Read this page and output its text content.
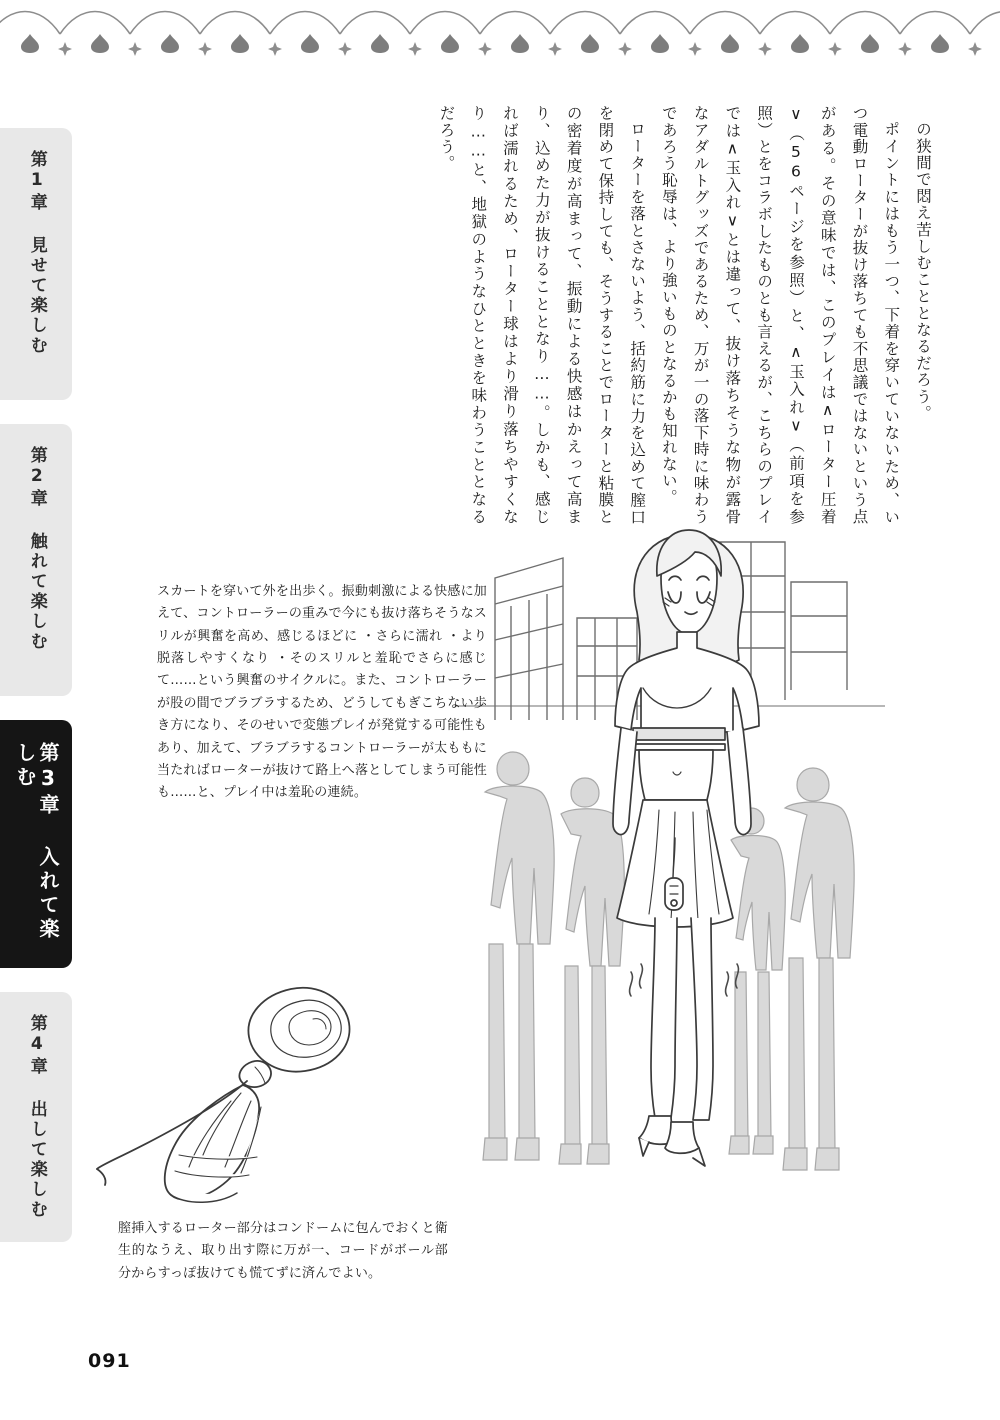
第1章 見せて楽しむ
第2章 触れて楽しむ
第3章 入れて楽しむ
第4章 出して楽しむ

の狭間で悶え苦しむこととなるだろう。

ポイントにはもう一つ、下着を穿いていないため、いつ電動ローターが抜け落ちても不思議ではないという点がある。その意味では、このプレイは∧ローター圧着∨（56ページを参照）と、∧玉入れ∨（前項を参照）とをコラボしたものとも言えるが、こちらのプレイでは∧玉入れ∨とは違って、抜け落ちそうな物が露骨なアダルトグッズであるため、万が一の落下時に味わうであろう恥辱は、より強いものとなるかも知れない。

ローターを落とさないよう、括約筋に力を込めて膣口を閉めて保持しても、そうすることでローターと粘膜との密着度が高まって、振動による快感はかえって高まり、込めた力が抜けることとなり……。しかも、感じれば濡れるため、ローター球はより滑り落ちやすくなり……と、地獄のようなひとときを味わうこととなるだろう。

スカートを穿いて外を出歩く。振動刺激による快感に加えて、コントローラーの重みで今にも抜け落ちそうなスリルが興奮を高め、感じるほどに ・さらに濡れ ・より脱落しやすくなり ・そのスリルと羞恥でさらに感じて……という興奮のサイクルに。また、コントローラーが股の間でブラブラするため、どうしてもぎこちない歩き方になり、そのせいで変態プレイが発覚する可能性もあり、加えて、ブラブラするコントローラーが太ももに当たればローターが抜けて路上へ落としてしまう可能性も……と、プレイ中は羞恥の連続。

膣挿入するローター部分はコンドームに包んでおくと衛生的なうえ、取り出す際に万が一、コードがボール部分からすっぽ抜けても慌てずに済んでよい。

091
